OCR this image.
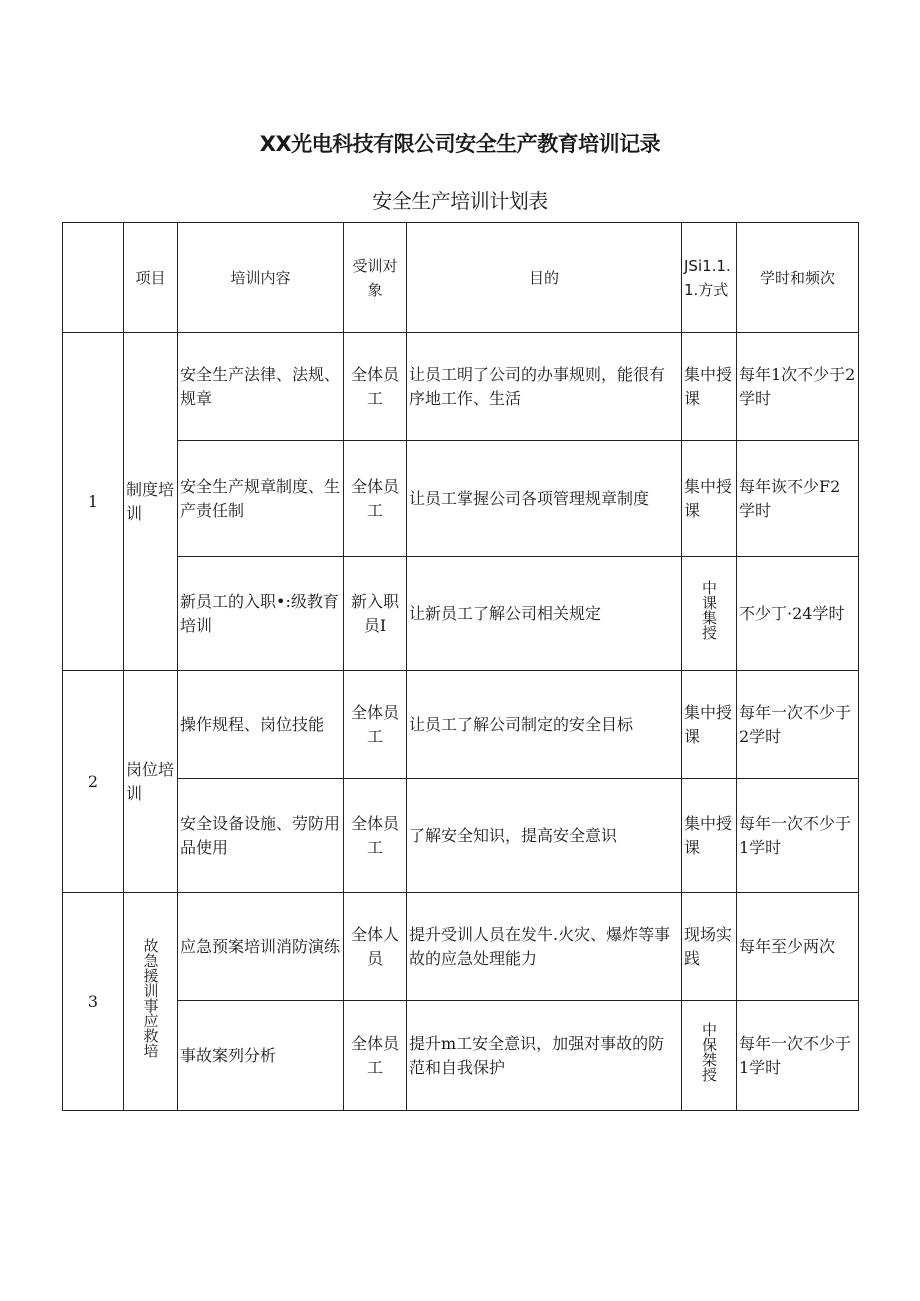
XX光电科技有限公司安全生产教育培训记录
安全生产培训计划表
	项目	培训内容	受训对象	目的	JSi1.1.1.方式	学时和频次
1	制度培训	安全生产法律、法规、规章	全体员工	让员工明了公司的办事规则，能很有序地工作、生活	集中授课	每年1次不少于2学时
		安全生产规章制度、生产责任制	全体员工	让员工掌握公司各项管理规章制度	集中授课	每年诙不少F2学时
		新员工的入职•:级教育培训	新入职员I	让新员工了解公司相关规定	中课集授	不少丁·24学时
2	岗位培训	操作规程、岗位技能	全体员工	让员工了解公司制定的安全目标	集中授课	每年一次不少于2学时
		安全设备设施、劳防用品使用	全体员工	了解安全知识，提高安全意识	集中授课	每年一次不少于1学时
3	故急援训事应救培	应急预案培训消防演练	全体人员	提升受训人员在发牛.火灾、爆炸等事故的应急处理能力	现场实践	每年至少两次
		事故案列分析	全体员工	提升m工安全意识，加强对事故的防范和自我保护	中保桀授	每年一次不少于1学时
